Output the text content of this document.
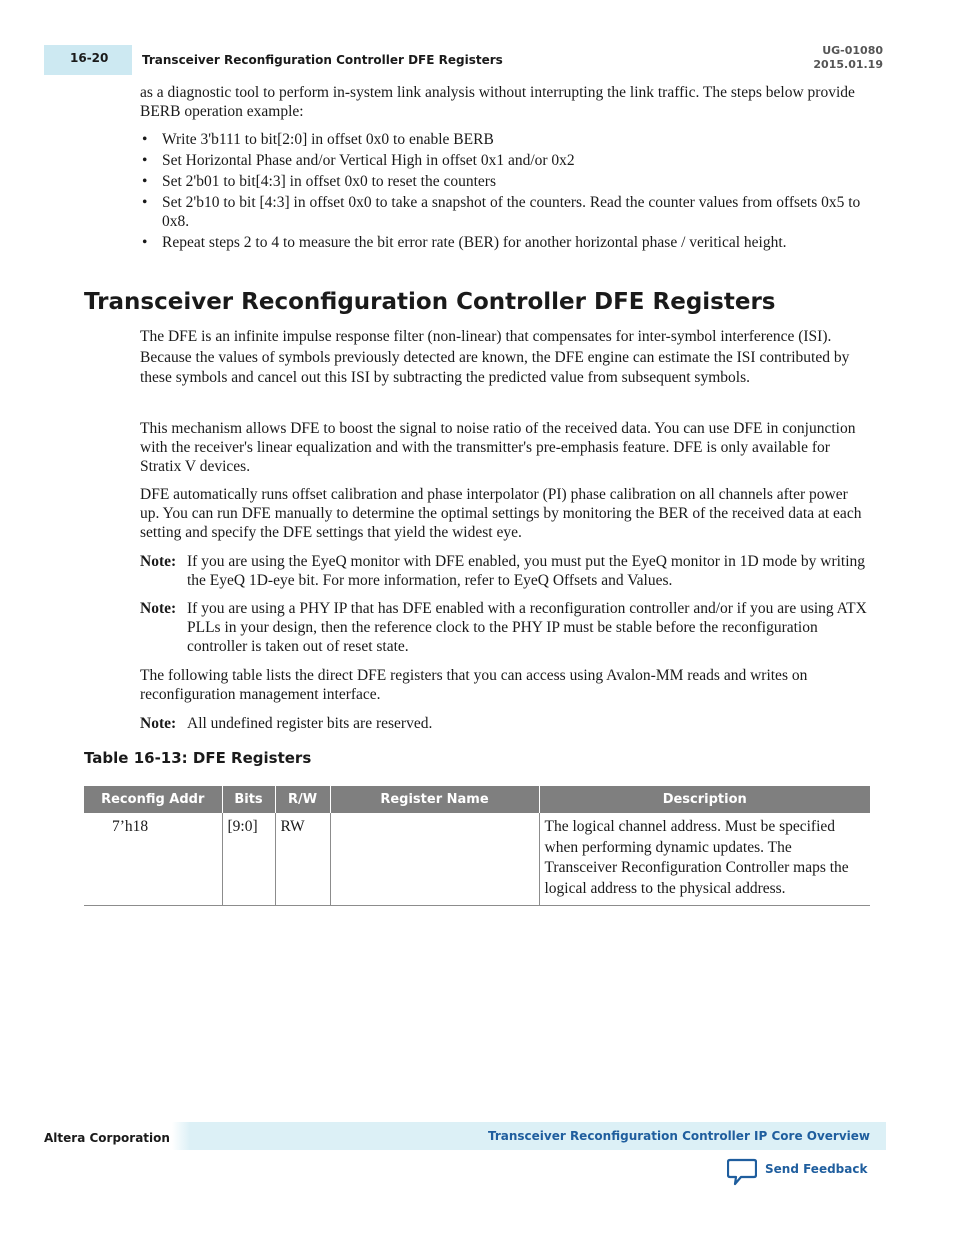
16-20	Transceiver Reconfiguration Controller DFE Registers
UG-01080
2015.01.19

as a diagnostic tool to perform in-system link analysis without interrupting the link traffic. The steps below provide BERB operation example:

• Write 3'b111 to bit[2:0] in offset 0x0 to enable BERB
• Set Horizontal Phase and/or Vertical High in offset 0x1 and/or 0x2
• Set 2'b01 to bit[4:3] in offset 0x0 to reset the counters
• Set 2'b10 to bit [4:3] in offset 0x0 to take a snapshot of the counters. Read the counter values from offsets 0x5 to 0x8.
• Repeat steps 2 to 4 to measure the bit error rate (BER) for another horizontal phase / veritical height.
Transceiver Reconfiguration Controller DFE Registers

The DFE is an infinite impulse response filter (non-linear) that compensates for inter-symbol interference (ISI). Because the values of symbols previously detected are known, the DFE engine can estimate the ISI contributed by these symbols and cancel out this ISI by subtracting the predicted value from subsequent symbols.

This mechanism allows DFE to boost the signal to noise ratio of the received data. You can use DFE in conjunction with the receiver's linear equalization and with the transmitter's pre-emphasis feature. DFE is only available for Stratix V devices.

DFE automatically runs offset calibration and phase interpolator (PI) phase calibration on all channels after power up. You can run DFE manually to determine the optimal settings by monitoring the BER of the received data at each setting and specify the DFE settings that yield the widest eye.

Note: If you are using the EyeQ monitor with DFE enabled, you must put the EyeQ monitor in 1D mode by writing the EyeQ 1D-eye bit. For more information, refer to EyeQ Offsets and Values.
Note: If you are using a PHY IP that has DFE enabled with a reconfiguration controller and/or if you are using ATX PLLs in your design, then the reference clock to the PHY IP must be stable before the reconfiguration controller is taken out of reset state.

The following table lists the direct DFE registers that you can access using Avalon-MM reads and writes on reconfiguration management interface.

Note: All undefined register bits are reserved.
Table 16-13: DFE Registers
Reconfig Addr	Bits	R/W	Register Name	Description
7’h18	[9:0]	RW		The logical channel address. Must be specified when performing dynamic updates. The Transceiver Reconfiguration Controller maps the logical address to the physical address.
Altera Corporation	Transceiver Reconfiguration Controller IP Core Overview
Send Feedback
